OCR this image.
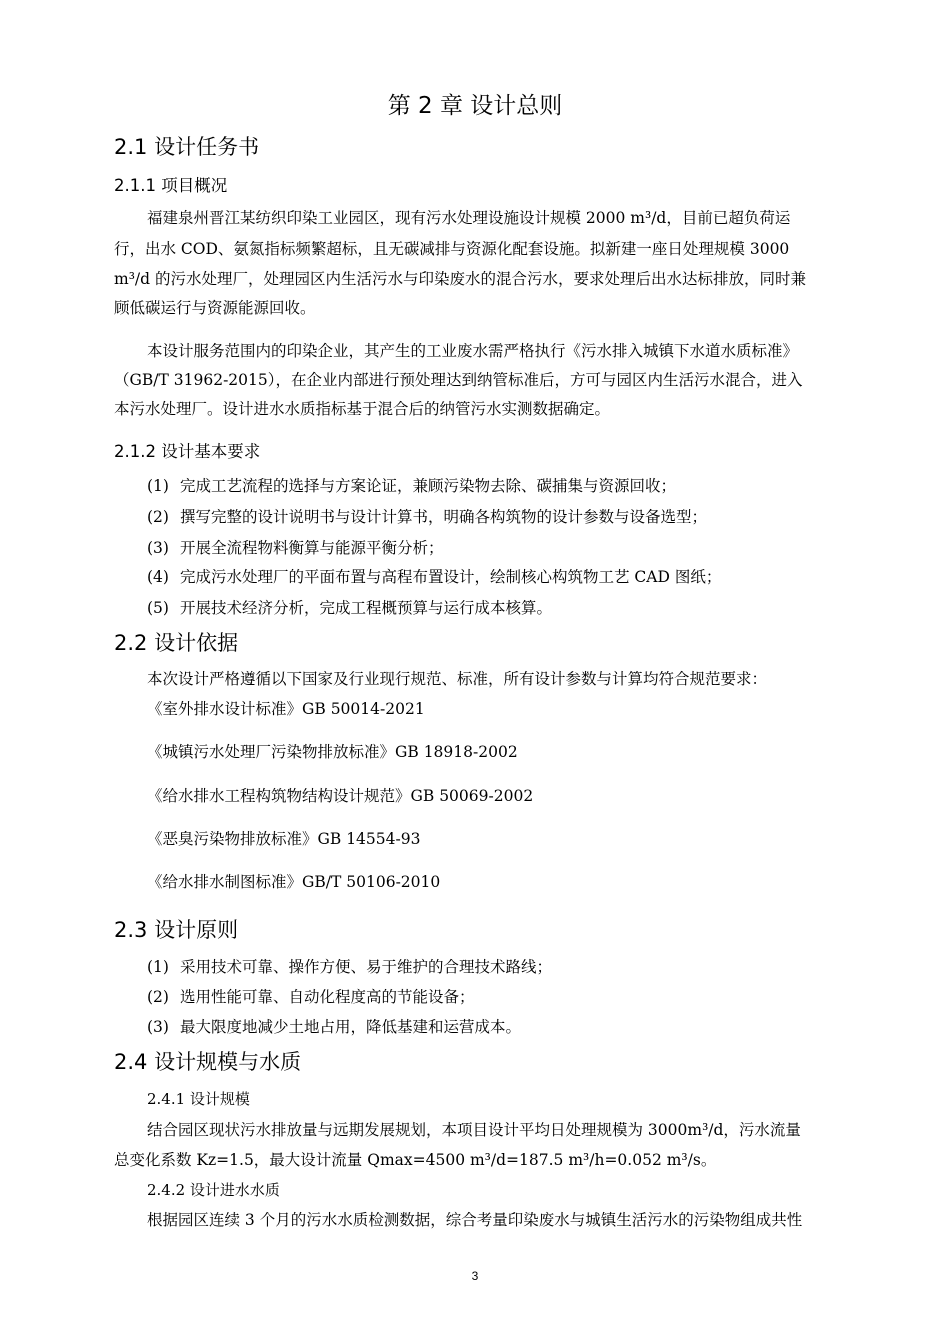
第 2 章 设计总则
2.1 设计任务书
2.1.1 项目概况
福建泉州晋江某纺织印染工业园区，现有污水处理设施设计规模 2000 m³/d，目前已超负荷运
行，出水 COD、氨氮指标频繁超标，且无碳减排与资源化配套设施。拟新建一座日处理规模 3000
m³/d 的污水处理厂，处理园区内生活污水与印染废水的混合污水，要求处理后出水达标排放，同时兼
顾低碳运行与资源能源回收。
本设计服务范围内的印染企业，其产生的工业废水需严格执行《污水排入城镇下水道水质标准》
（GB/T 31962-2015），在企业内部进行预处理达到纳管标准后，方可与园区内生活污水混合，进入
本污水处理厂。设计进水水质指标基于混合后的纳管污水实测数据确定。
2.1.2 设计基本要求
(1) 完成工艺流程的选择与方案论证，兼顾污染物去除、碳捕集与资源回收；
(2) 撰写完整的设计说明书与设计计算书，明确各构筑物的设计参数与设备选型；
(3) 开展全流程物料衡算与能源平衡分析；
(4) 完成污水处理厂的平面布置与高程布置设计，绘制核心构筑物工艺 CAD 图纸；
(5) 开展技术经济分析，完成工程概预算与运行成本核算。
2.2 设计依据
本次设计严格遵循以下国家及行业现行规范、标准，所有设计参数与计算均符合规范要求：
《室外排水设计标准》GB 50014-2021
《城镇污水处理厂污染物排放标准》GB 18918-2002
《给水排水工程构筑物结构设计规范》GB 50069-2002
《恶臭污染物排放标准》GB 14554-93
《给水排水制图标准》GB/T 50106-2010
2.3 设计原则
(1) 采用技术可靠、操作方便、易于维护的合理技术路线；
(2) 选用性能可靠、自动化程度高的节能设备；
(3) 最大限度地减少土地占用，降低基建和运营成本。
2.4 设计规模与水质
2.4.1 设计规模
结合园区现状污水排放量与远期发展规划，本项目设计平均日处理规模为 3000m³/d，污水流量
总变化系数 Kz=1.5，最大设计流量 Qmax=4500 m³/d=187.5 m³/h=0.052 m³/s。
2.4.2 设计进水水质
根据园区连续 3 个月的污水水质检测数据，综合考量印染废水与城镇生活污水的污染物组成共性
3
